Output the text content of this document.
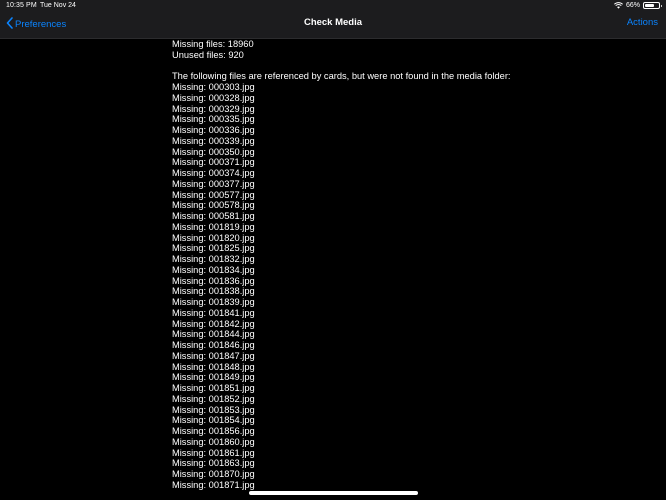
10:35 PM Tue Nov 24	66%
Preferences	Check Media	Actions
Missing files: 18960
Unused files: 920
The following files are referenced by cards, but were not found in the media folder:
Missing: 000303.jpg
Missing: 000328.jpg
Missing: 000329.jpg
Missing: 000335.jpg
Missing: 000336.jpg
Missing: 000339.jpg
Missing: 000350.jpg
Missing: 000371.jpg
Missing: 000374.jpg
Missing: 000377.jpg
Missing: 000577.jpg
Missing: 000578.jpg
Missing: 000581.jpg
Missing: 001819.jpg
Missing: 001820.jpg
Missing: 001825.jpg
Missing: 001832.jpg
Missing: 001834.jpg
Missing: 001836.jpg
Missing: 001838.jpg
Missing: 001839.jpg
Missing: 001841.jpg
Missing: 001842.jpg
Missing: 001844.jpg
Missing: 001846.jpg
Missing: 001847.jpg
Missing: 001848.jpg
Missing: 001849.jpg
Missing: 001851.jpg
Missing: 001852.jpg
Missing: 001853.jpg
Missing: 001854.jpg
Missing: 001856.jpg
Missing: 001860.jpg
Missing: 001861.jpg
Missing: 001863.jpg
Missing: 001870.jpg
Missing: 001871.jpg
